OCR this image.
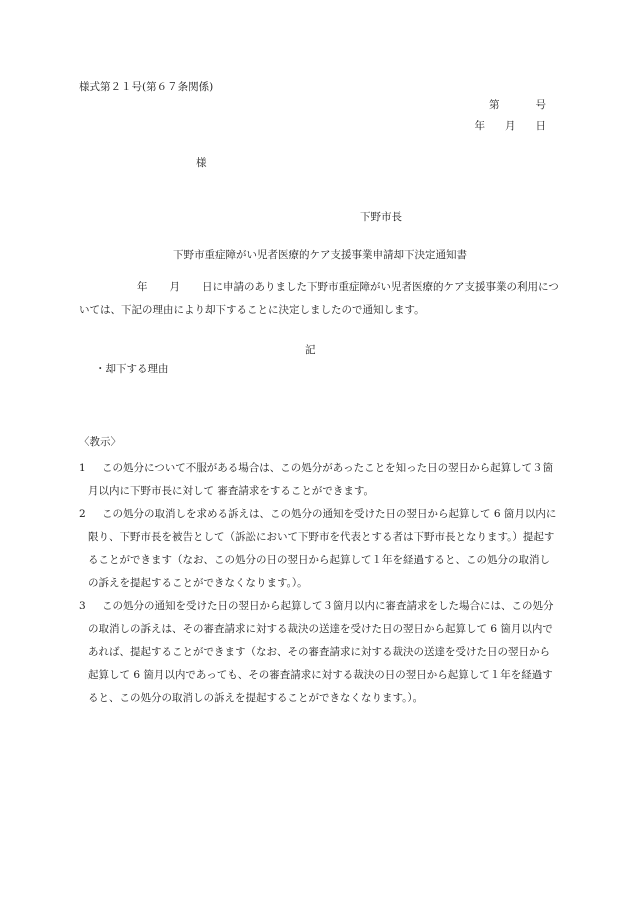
様式第２１号(第６７条関係)
第	号
年 月 日
様
下野市長
下野市重症障がい児者医療的ケア支援事業申請却下決定通知書
年 月 日に申請のありました下野市重症障がい児者医療的ケア支援事業の利用については、下記の理由により却下することに決定しましたので通知します。
記
・却下する理由
〈教示〉
1	この処分について不服がある場合は、この処分があったことを知った日の翌日から起算して３箇月以内に下野市長に対して 審査請求をすることができます。
2	この処分の取消しを求める訴えは、この処分の通知を受けた日の翌日から起算して 6 箇月以内に限り、下野市長を被告として（訴訟において下野市を代表とする者は下野市長となります。）提起することができます（なお、この処分の日の翌日から起算して１年を経過すると、この処分の取消しの訴えを提起することができなくなります。）。
3	この処分の通知を受けた日の翌日から起算して３箇月以内に審査請求をした場合には、この処分の取消しの訴えは、その審査請求に対する裁決の送達を受けた日の翌日から起算して 6 箇月以内であれば、提起することができます（なお、その審査請求に対する裁決の送達を受けた日の翌日から起算して 6 箇月以内であっても、その審査請求に対する裁決の日の翌日から起算して１年を経過すると、この処分の取消しの訴えを提起することができなくなります。）。
